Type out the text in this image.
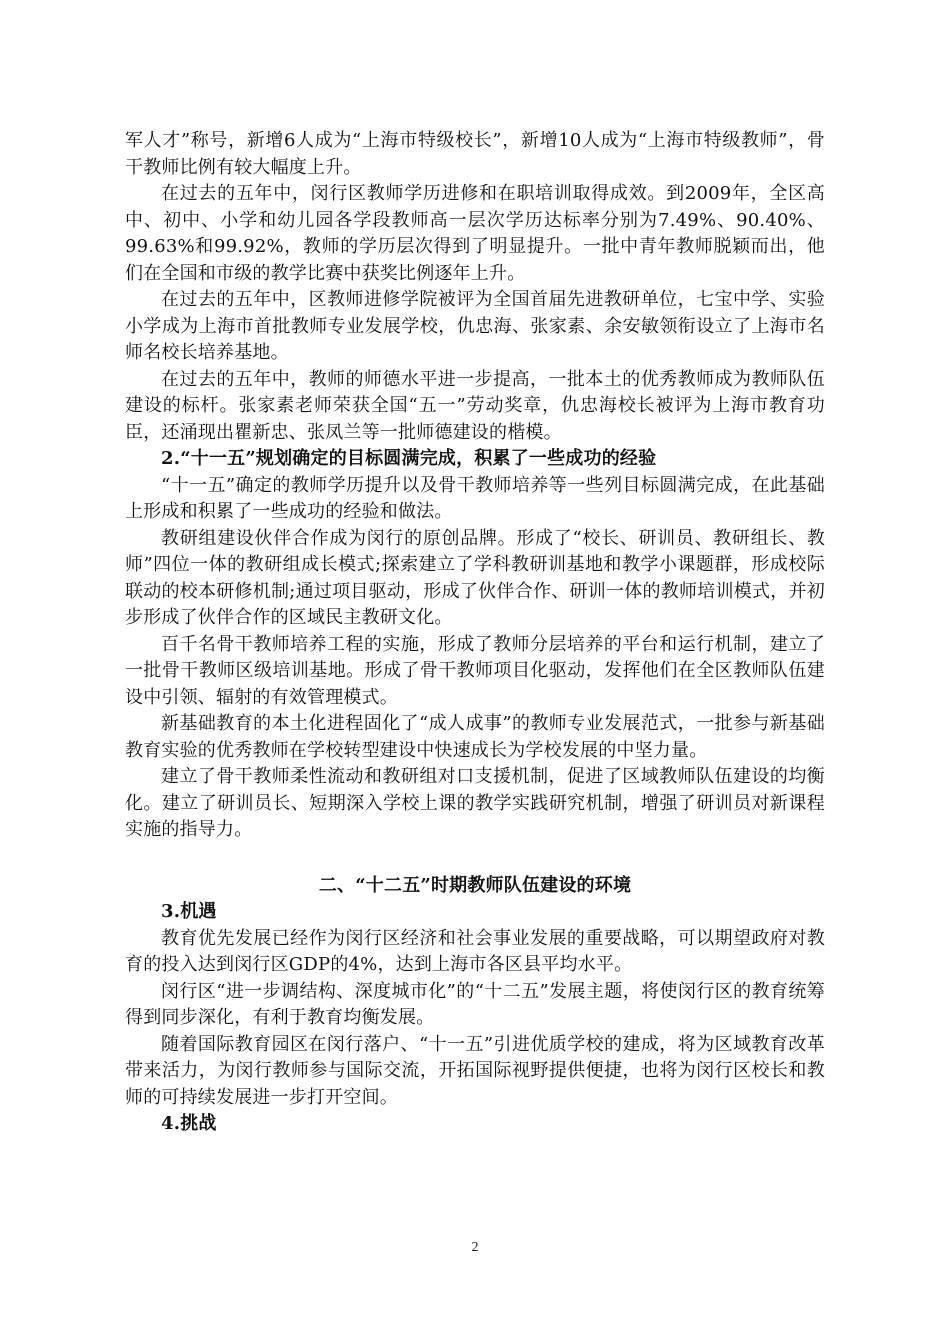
军人才”称号，新增6人成为“上海市特级校长”，新增10人成为“上海市特级教师”，骨干教师比例有较大幅度上升。

在过去的五年中，闵行区教师学历进修和在职培训取得成效。到2009年，全区高中、初中、小学和幼儿园各学段教师高一层次学历达标率分别为7.49%、90.40%、99.63%和99.92%，教师的学历层次得到了明显提升。一批中青年教师脱颖而出，他们在全国和市级的教学比赛中获奖比例逐年上升。

在过去的五年中，区教师进修学院被评为全国首届先进教研单位，七宝中学、实验小学成为上海市首批教师专业发展学校，仇忠海、张家素、余安敏领衔设立了上海市名师名校长培养基地。

在过去的五年中，教师的师德水平进一步提高，一批本土的优秀教师成为教师队伍建设的标杆。张家素老师荣获全国“五一”劳动奖章，仇忠海校长被评为上海市教育功臣，还涌现出瞿新忠、张凤兰等一批师德建设的楷模。

2.“十一五”规划确定的目标圆满完成，积累了一些成功的经验

“十一五”确定的教师学历提升以及骨干教师培养等一些列目标圆满完成，在此基础上形成和积累了一些成功的经验和做法。

教研组建设伙伴合作成为闵行的原创品牌。形成了“校长、研训员、教研组长、教师”四位一体的教研组成长模式;探索建立了学科教研训基地和教学小课题群，形成校际联动的校本研修机制;通过项目驱动，形成了伙伴合作、研训一体的教师培训模式，并初步形成了伙伴合作的区域民主教研文化。

百千名骨干教师培养工程的实施，形成了教师分层培养的平台和运行机制，建立了一批骨干教师区级培训基地。形成了骨干教师项目化驱动，发挥他们在全区教师队伍建设中引领、辐射的有效管理模式。

新基础教育的本土化进程固化了“成人成事”的教师专业发展范式，一批参与新基础教育实验的优秀教师在学校转型建设中快速成长为学校发展的中坚力量。

建立了骨干教师柔性流动和教研组对口支援机制，促进了区域教师队伍建设的均衡化。建立了研训员长、短期深入学校上课的教学实践研究机制，增强了研训员对新课程实施的指导力。

二、“十二五”时期教师队伍建设的环境

3.机遇

教育优先发展已经作为闵行区经济和社会事业发展的重要战略，可以期望政府对教育的投入达到闵行区GDP的4%，达到上海市各区县平均水平。

闵行区“进一步调结构、深度城市化”的“十二五”发展主题，将使闵行区的教育统筹得到同步深化，有利于教育均衡发展。

随着国际教育园区在闵行落户、“十一五”引进优质学校的建成，将为区域教育改革带来活力，为闵行教师参与国际交流，开拓国际视野提供便捷，也将为闵行区校长和教师的可持续发展进一步打开空间。

4.挑战

2
